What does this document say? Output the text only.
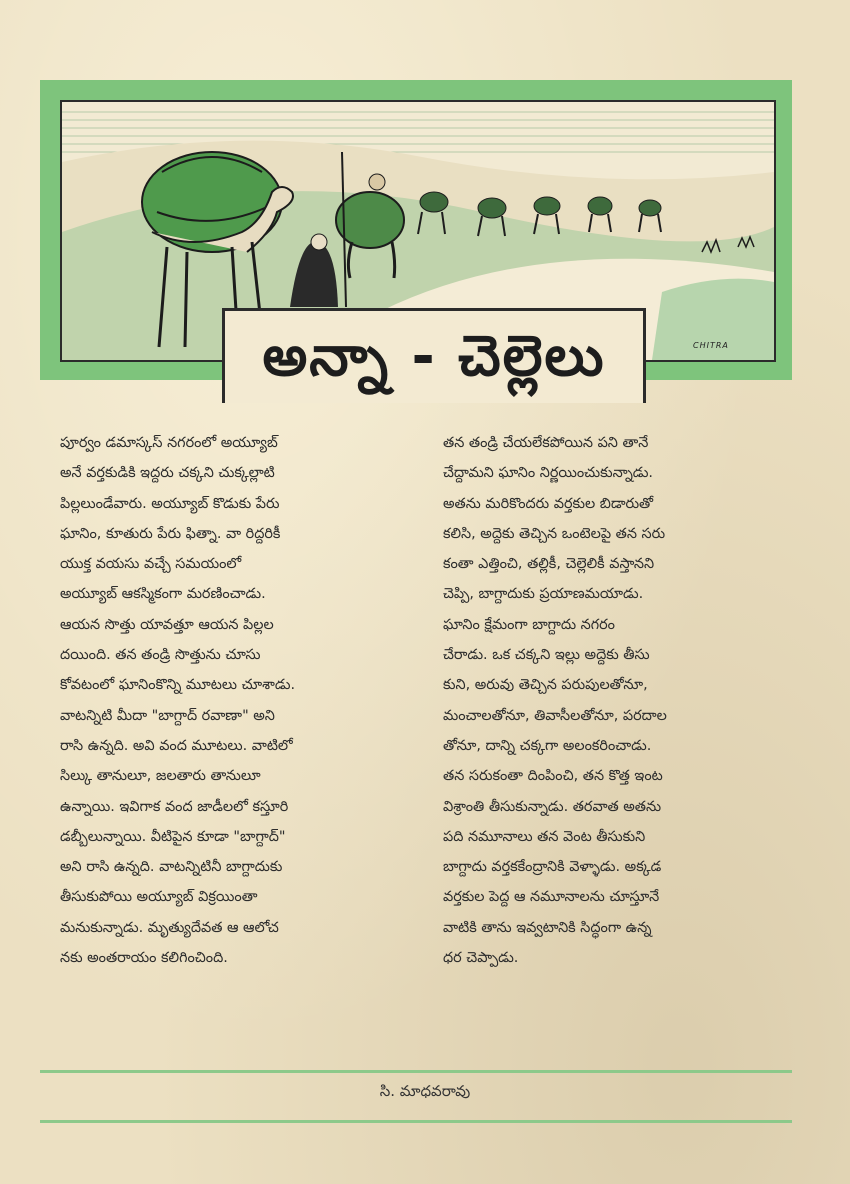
అన్నా - చెల్లెలు	CHITRA
పూర్వం డమాస్కస్ నగరంలో అయ్యూబ్
అనే వర్తకుడికి ఇద్దరు చక్కని చుక్కల్లాటి
పిల్లలుండేవారు. అయ్యూబ్ కొడుకు పేరు
ఘానిం, కూతురు పేరు ఫిత్నా. వా రిద్దరికీ
యుక్త వయసు వచ్చే సమయంలో
అయ్యూబ్ ఆకస్మికంగా మరణించాడు.
ఆయన సొత్తు యావత్తూ ఆయన పిల్లల
దయింది. తన తండ్రి సొత్తును చూసు
కోవటంలో ఘానింకొన్ని మూటలు చూశాడు.
వాటన్నిటి మీదా "బాగ్దాద్ రవాణా" అని
రాసి ఉన్నది. అవి వంద మూటలు. వాటిలో
సిల్కు తానులూ, జలతారు తానులూ
ఉన్నాయి. ఇవిగాక వంద జాడీలలో కస్తూరి
డబ్బీలున్నాయి. వీటిపైన కూడా "బాగ్దాద్"
అని రాసి ఉన్నది. వాటన్నిటినీ బాగ్దాదుకు
తీసుకుపోయి అయ్యూబ్ విక్రయింతా
మనుకున్నాడు. మృత్యుదేవత ఆ ఆలోచ
నకు అంతరాయం కలిగించింది.
తన తండ్రి చేయలేకపోయిన పని తానే
చేద్దామని ఘానిం నిర్ణయించుకున్నాడు.
అతను మరికొందరు వర్తకుల బిడారుతో
కలిసి, అద్దెకు తెచ్చిన ఒంటెలపై తన సరు
కంతా ఎత్తించి, తల్లికీ, చెల్లెలికీ వస్తానని
చెప్పి, బాగ్దాదుకు ప్రయాణమయాడు.
ఘానిం క్షేమంగా బాగ్దాదు నగరం
చేరాడు. ఒక చక్కని ఇల్లు అద్దెకు తీసు
కుని, అరువు తెచ్చిన పరుపులతోనూ,
మంచాలతోనూ, తివాసీలతోనూ, పరదాల
తోనూ, దాన్ని చక్కగా అలంకరించాడు.
తన సరుకంతా దింపించి, తన కొత్త ఇంట
విశ్రాంతి తీసుకున్నాడు. తరవాత అతను
పది నమూనాలు తన వెంట తీసుకుని
బాగ్దాదు వర్తకకేంద్రానికి వెళ్ళాడు. అక్కడ
వర్తకుల పెద్ద ఆ నమూనాలను చూస్తూనే
వాటికి తాను ఇవ్వటానికి సిద్ధంగా ఉన్న
ధర చెప్పాడు.
సి. మాధవరావు
